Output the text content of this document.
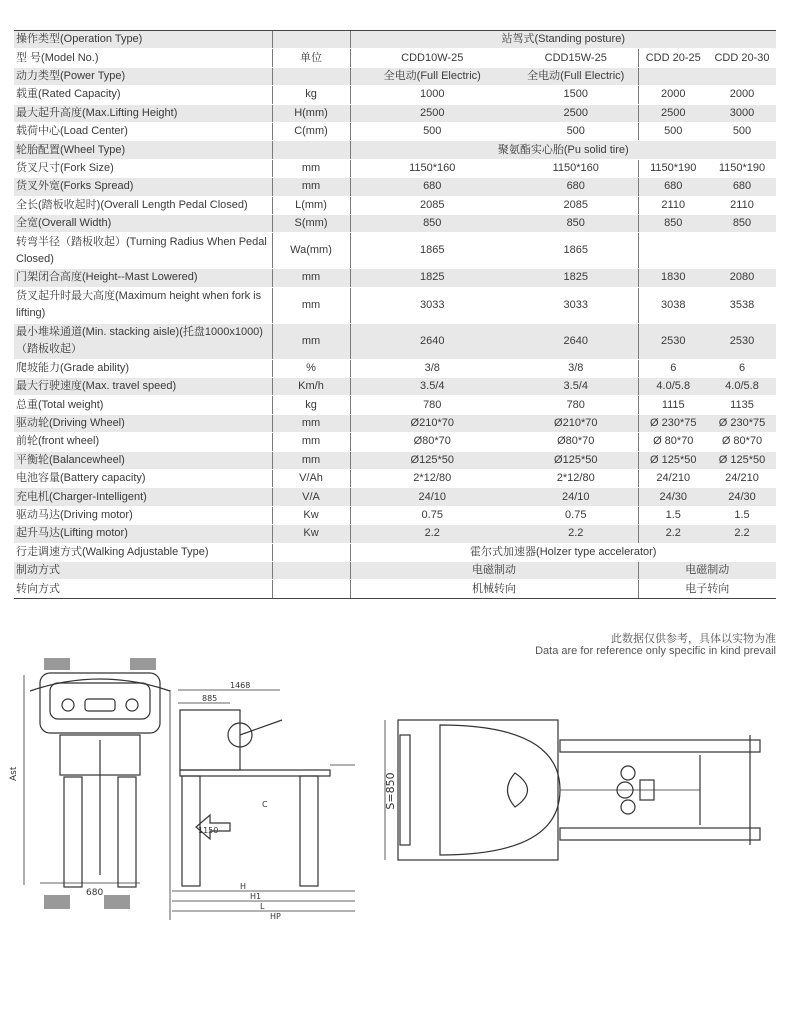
操作类型(Operation Type)		站驾式(Standing posture)			
型 号(Model No.)	单位	CDD10W-25	CDD15W-25	CDD 20-25	CDD 20-30
动力类型(Power Type)		全电动(Full Electric)	全电动(Full Electric)		
载重(Rated Capacity)	kg	1000	1500	2000	2000
最大起升高度(Max.Lifting Height)	H(mm)	2500	2500	2500	3000
载荷中心(Load Center)	C(mm)	500	500	500	500
轮胎配置(Wheel Type)		聚氨酯实心胎(Pu solid tire)			
货叉尺寸(Fork Size)	mm	1150*160	1150*160	1150*190	1150*190
货叉外宽(Forks Spread)	mm	680	680	680	680
全长(踏板收起时)(Overall Length Pedal Closed)	L(mm)	2085	2085	2110	2110
全宽(Overall Width)	S(mm)	850	850	850	850
转弯半径（踏板收起）(Turning Radius When Pedal Closed)	Wa(mm)	1865	1865		
门架闭合高度(Height--Mast Lowered)	mm	1825	1825	1830	2080
货叉起升时最大高度(Maximum height when fork is lifting)	mm	3033	3033	3038	3538
最小堆垛通道(Min. stacking aisle)(托盘1000x1000)（踏板收起）	mm	2640	2640	2530	2530
爬坡能力(Grade ability)	%	3/8	3/8	6	6
最大行驶速度(Max. travel speed)	Km/h	3.5/4	3.5/4	4.0/5.8	4.0/5.8
总重(Total weight)	kg	780	780	1115	1135
驱动轮(Driving Wheel)	mm	Ø210*70	Ø210*70	Ø 230*75	Ø 230*75
前轮(front wheel)	mm	Ø80*70	Ø80*70	Ø 80*70	Ø 80*70
平衡轮(Balancewheel)	mm	Ø125*50	Ø125*50	Ø 125*50	Ø 125*50
电池容量(Battery capacity)	V/Ah	2*12/80	2*12/80	24/210	24/210
充电机(Charger-Intelligent)	V/A	24/10	24/10	24/30	24/30
驱动马达(Driving motor)	Kw	0.75	0.75	1.5	1.5
起升马达(Lifting motor)	Kw	2.2	2.2	2.2	2.2
行走调速方式(Walking Adjustable Type)		霍尔式加速器(Holzer type accelerator)			
制动方式		电磁制动		电磁制动	
转向方式		机械转向		电子转向	
此数据仅供参考，具体以实物为准
Data are for reference only specific in kind prevail
680
Ast
1468
885
1150
C
H
H1
L
HP
S=850
